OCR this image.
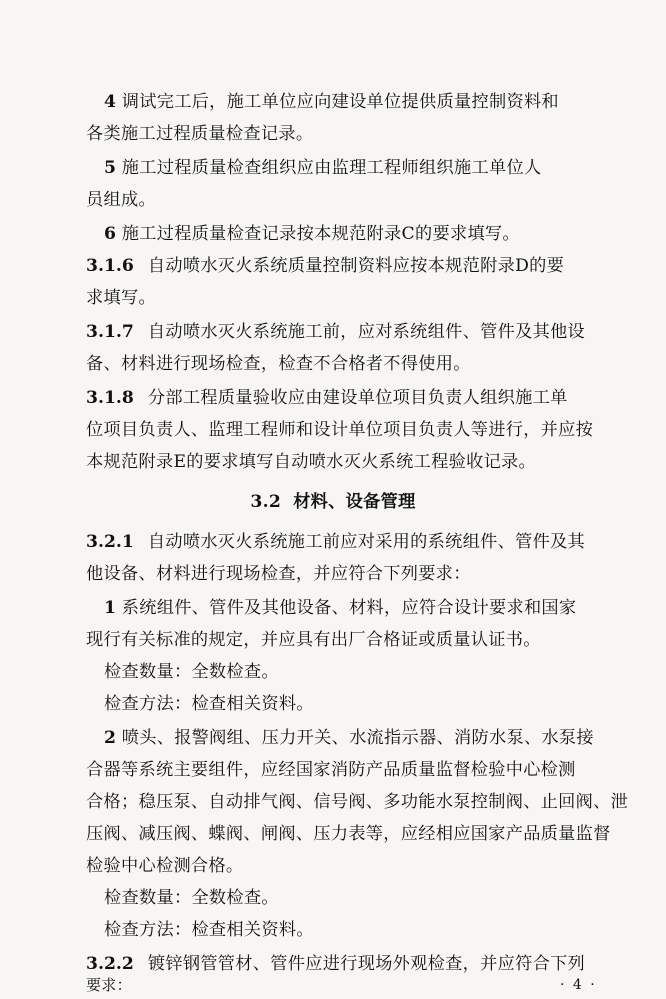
4 调试完工后，施工单位应向建设单位提供质量控制资料和
各类施工过程质量检查记录。
5 施工过程质量检查组织应由监理工程师组织施工单位人
员组成。
6 施工过程质量检查记录按本规范附录C的要求填写。
3.1.6 自动喷水灭火系统质量控制资料应按本规范附录D的要
求填写。
3.1.7 自动喷水灭火系统施工前，应对系统组件、管件及其他设
备、材料进行现场检查，检查不合格者不得使用。
3.1.8 分部工程质量验收应由建设单位项目负责人组织施工单
位项目负责人、监理工程师和设计单位项目负责人等进行，并应按
本规范附录E的要求填写自动喷水灭火系统工程验收记录。
3.2 材料、设备管理
3.2.1 自动喷水灭火系统施工前应对采用的系统组件、管件及其
他设备、材料进行现场检查，并应符合下列要求：
1 系统组件、管件及其他设备、材料，应符合设计要求和国家
现行有关标准的规定，并应具有出厂合格证或质量认证书。
检查数量：全数检查。
检查方法：检查相关资料。
2 喷头、报警阀组、压力开关、水流指示器、消防水泵、水泵接
合器等系统主要组件，应经国家消防产品质量监督检验中心检测
合格；稳压泵、自动排气阀、信号阀、多功能水泵控制阀、止回阀、泄
压阀、减压阀、蝶阀、闸阀、压力表等，应经相应国家产品质量监督
检验中心检测合格。
检查数量：全数检查。
检查方法：检查相关资料。
3.2.2 镀锌钢管管材、管件应进行现场外观检查，并应符合下列
要求：	· 4 ·
